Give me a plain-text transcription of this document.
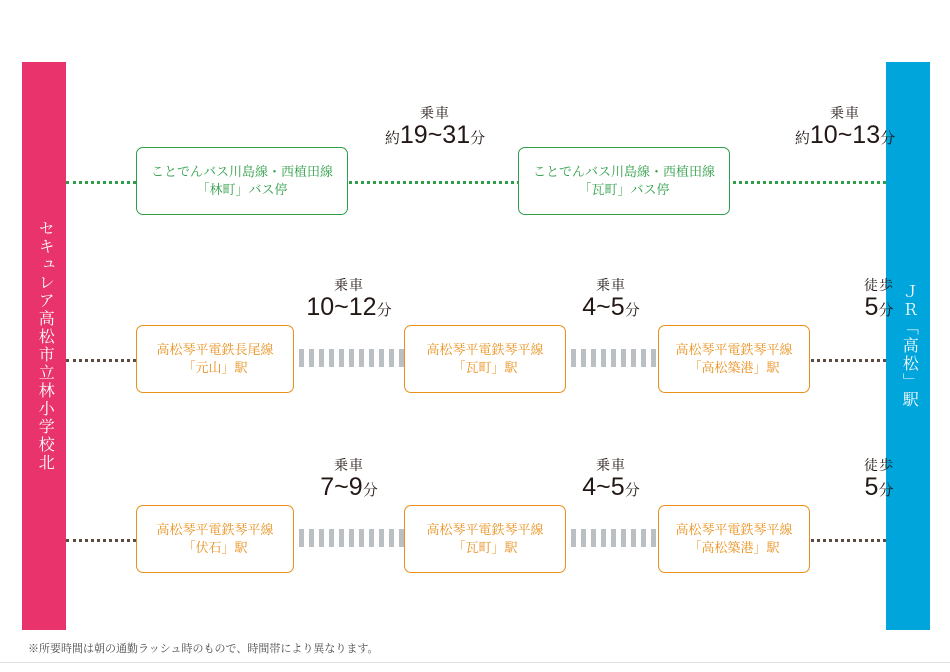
セキュレア高松市立林小学校北	ＪＲ「高松」駅
ことでんバス川島線・西植田線
「林町」バス停
ことでんバス川島線・西植田線
「瓦町」バス停
乗車
約19~31分
乗車
約10~13分
高松琴平電鉄長尾線
「元山」駅
高松琴平電鉄琴平線
「瓦町」駅
高松琴平電鉄琴平線
「高松築港」駅
乗車
10~12分
乗車
4~5分
徒歩
5分
高松琴平電鉄琴平線
「伏石」駅
高松琴平電鉄琴平線
「瓦町」駅
高松琴平電鉄琴平線
「高松築港」駅
乗車
7~9分
乗車
4~5分
徒歩
5分
※所要時間は朝の通勤ラッシュ時のもので、時間帯により異なります。
